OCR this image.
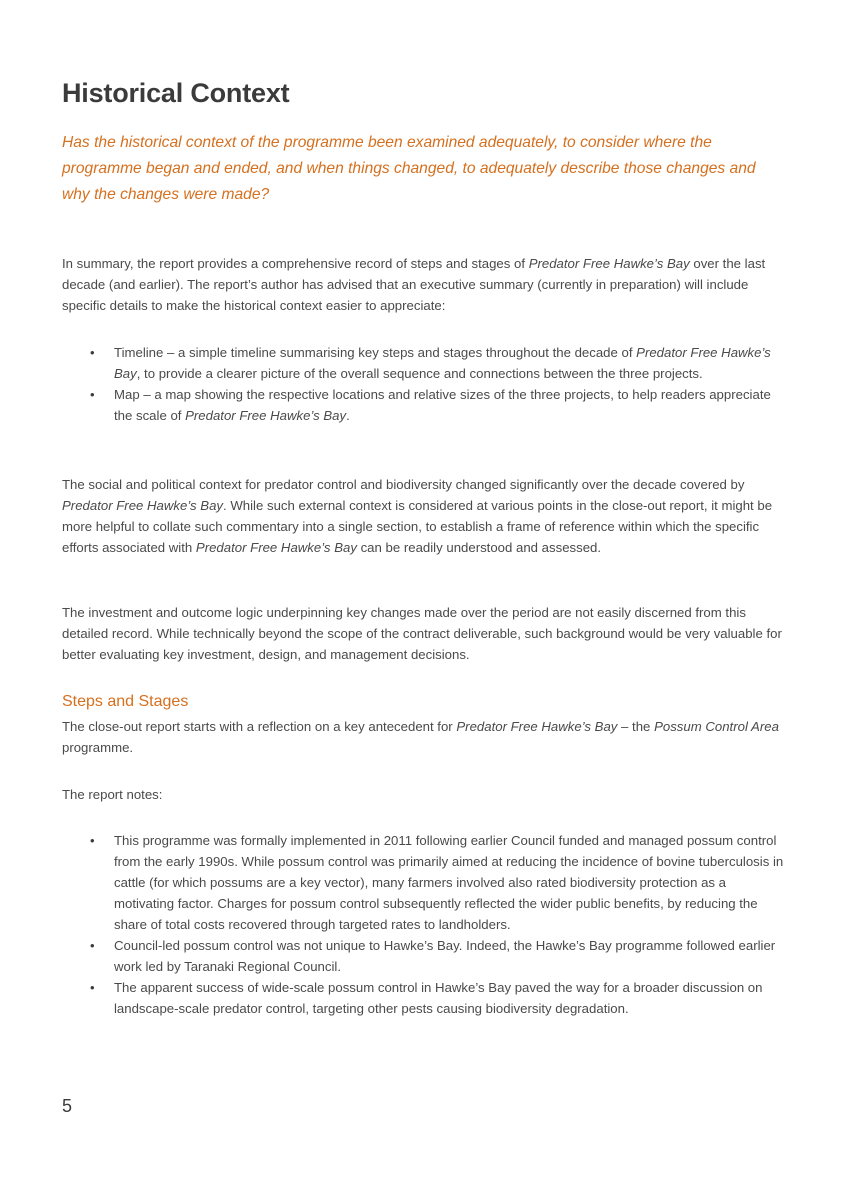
Historical Context

Has the historical context of the programme been examined adequately, to consider where the programme began and ended, and when things changed, to adequately describe those changes and why the changes were made?

In summary, the report provides a comprehensive record of steps and stages of Predator Free Hawke’s Bay over the last decade (and earlier). The report’s author has advised that an executive summary (currently in preparation) will include specific details to make the historical context easier to appreciate:

• Timeline – a simple timeline summarising key steps and stages throughout the decade of Predator Free Hawke’s Bay, to provide a clearer picture of the overall sequence and connections between the three projects.
• Map – a map showing the respective locations and relative sizes of the three projects, to help readers appreciate the scale of Predator Free Hawke’s Bay.

The social and political context for predator control and biodiversity changed significantly over the decade covered by Predator Free Hawke’s Bay. While such external context is considered at various points in the close-out report, it might be more helpful to collate such commentary into a single section, to establish a frame of reference within which the specific efforts associated with Predator Free Hawke’s Bay can be readily understood and assessed.

The investment and outcome logic underpinning key changes made over the period are not easily discerned from this detailed record. While technically beyond the scope of the contract deliverable, such background would be very valuable for better evaluating key investment, design, and management decisions.

Steps and Stages

The close-out report starts with a reflection on a key antecedent for Predator Free Hawke’s Bay – the Possum Control Area programme.

The report notes:

• This programme was formally implemented in 2011 following earlier Council funded and managed possum control from the early 1990s. While possum control was primarily aimed at reducing the incidence of bovine tuberculosis in cattle (for which possums are a key vector), many farmers involved also rated biodiversity protection as a motivating factor. Charges for possum control subsequently reflected the wider public benefits, by reducing the share of total costs recovered through targeted rates to landholders.
• Council-led possum control was not unique to Hawke’s Bay. Indeed, the Hawke’s Bay programme followed earlier work led by Taranaki Regional Council.
• The apparent success of wide-scale possum control in Hawke’s Bay paved the way for a broader discussion on landscape-scale predator control, targeting other pests causing biodiversity degradation.
5
